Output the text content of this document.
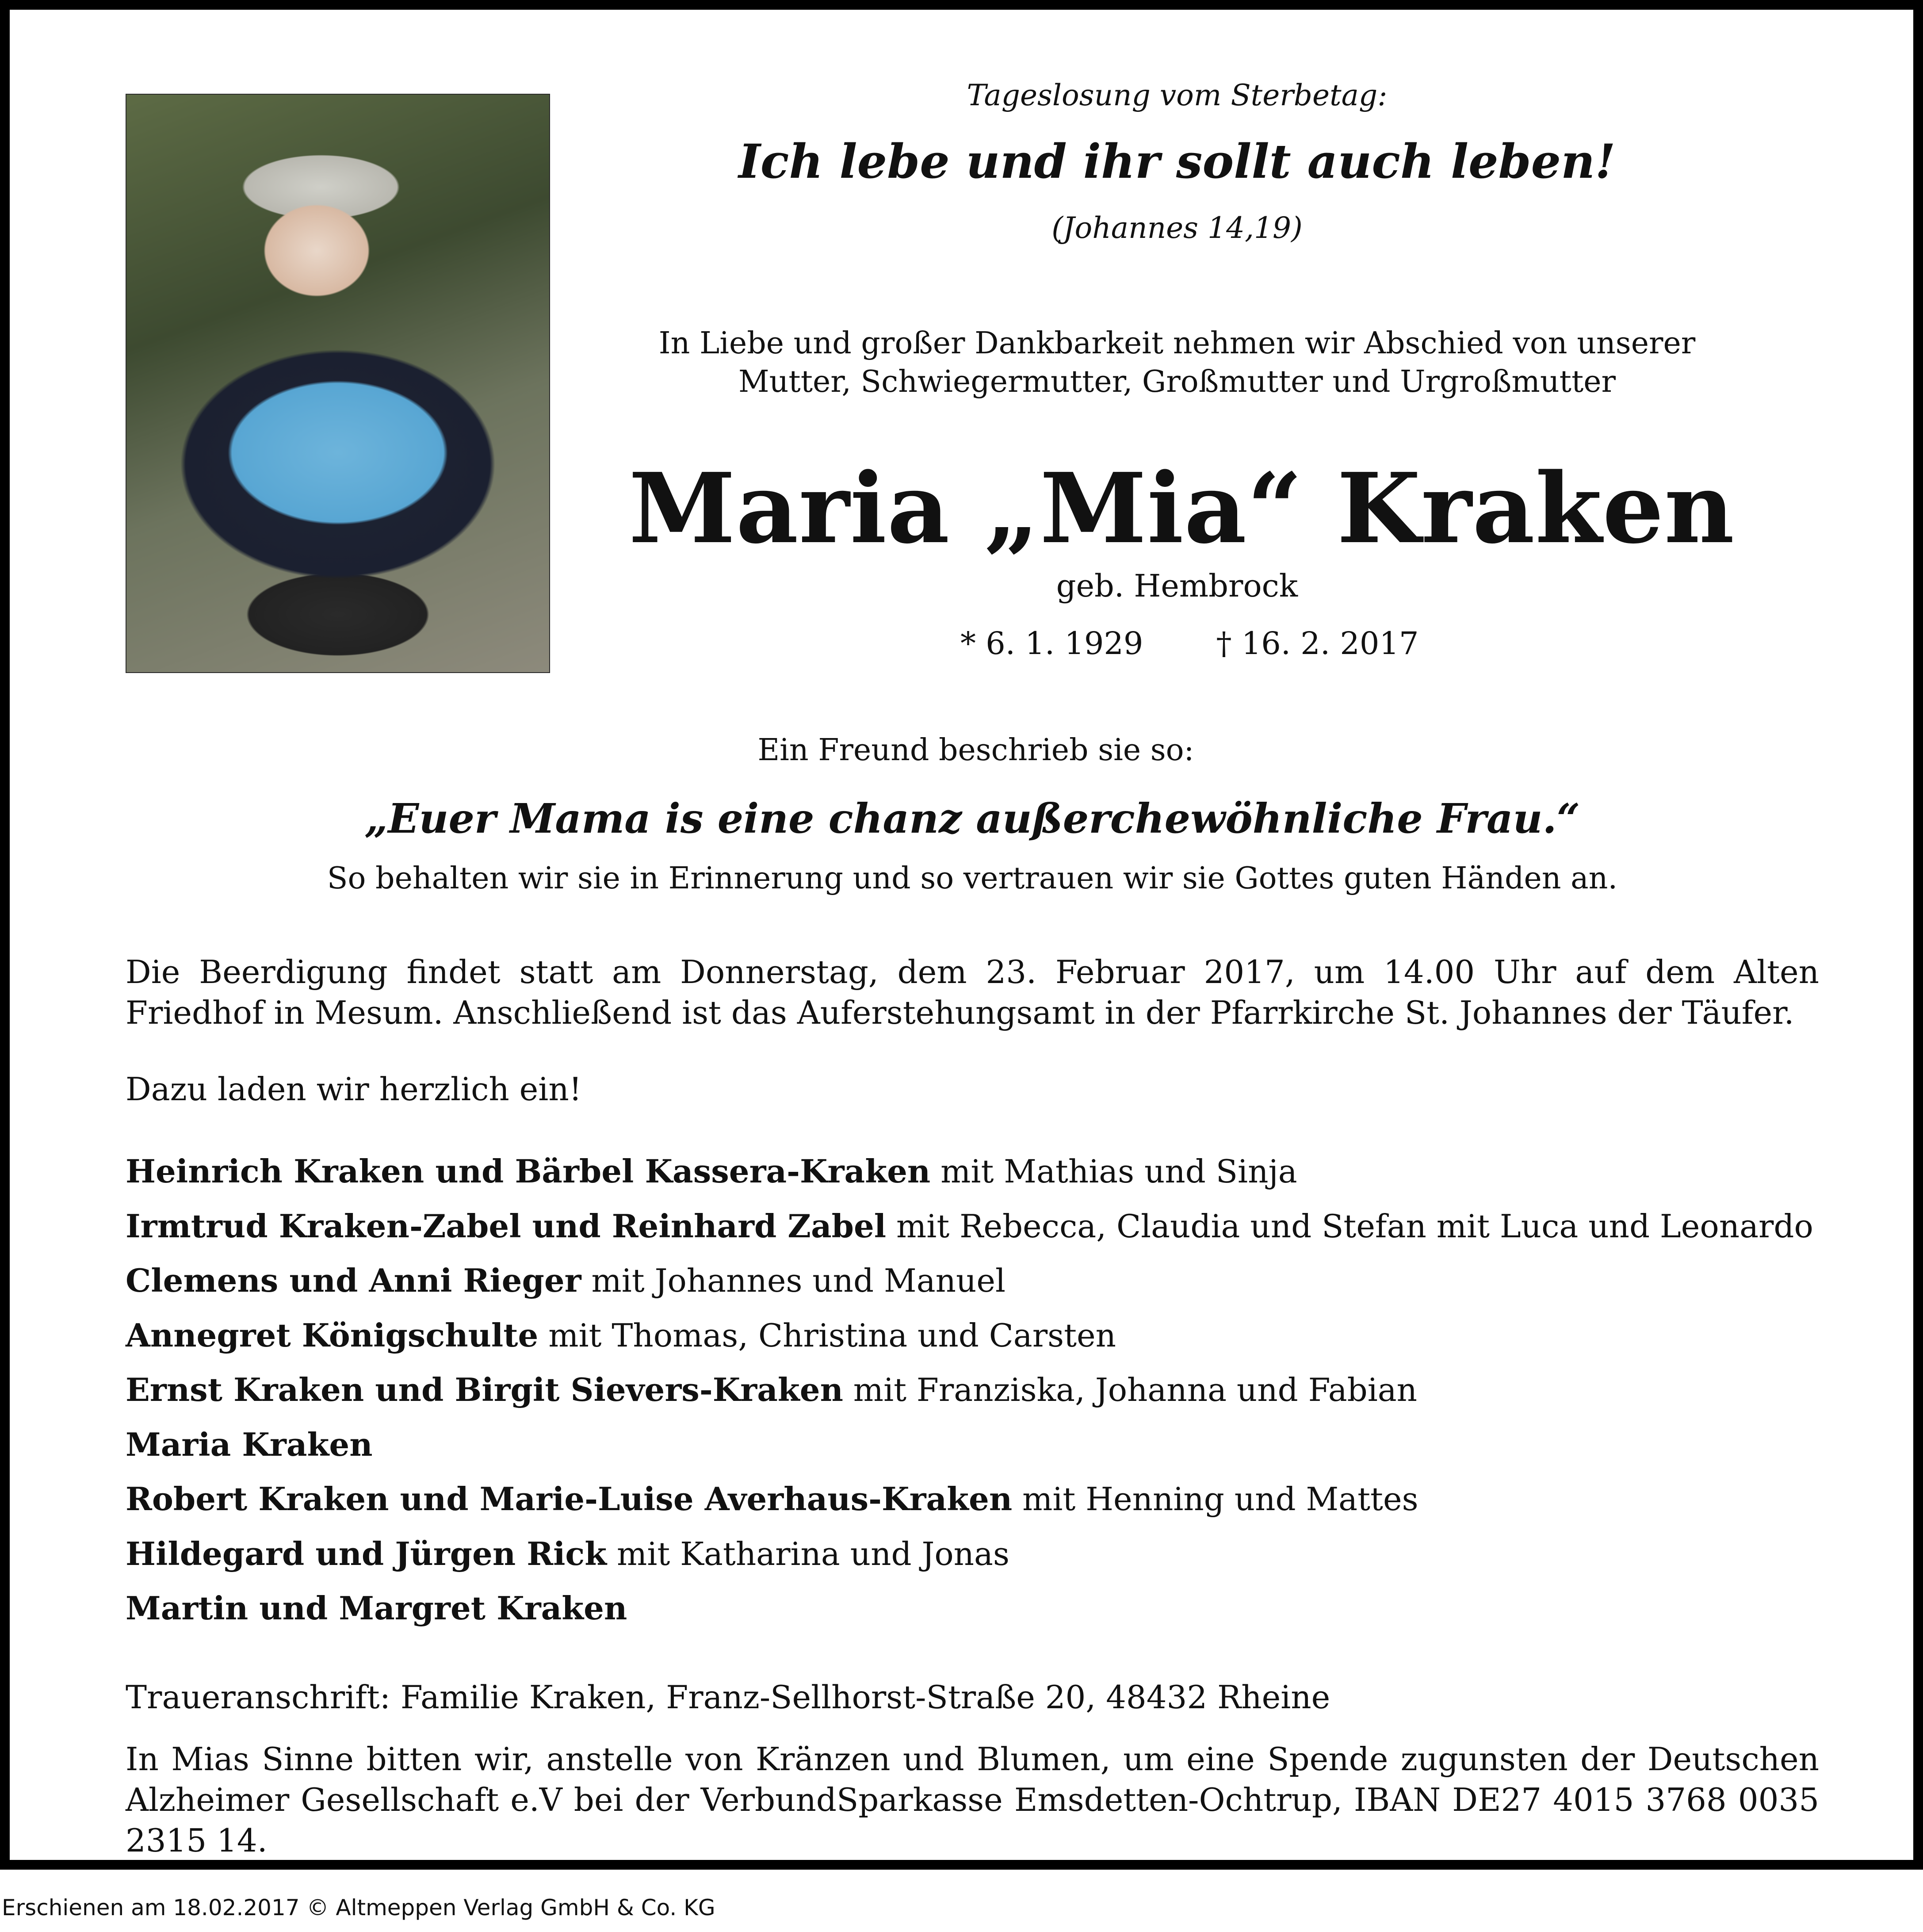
Tageslosung vom Sterbetag:
Ich lebe und ihr sollt auch leben!
(Johannes 14,19)
In Liebe und großer Dankbarkeit nehmen wir Abschied von unserer
Mutter, Schwiegermutter, Großmutter und Urgroßmutter
Maria „Mia“ Kraken
geb. Hembrock
* 6. 1. 1929 † 16. 2. 2017
Ein Freund beschrieb sie so:
„Euer Mama is eine chanz außerchewöhnliche Frau.“
So behalten wir sie in Erinnerung und so vertrauen wir sie Gottes guten Händen an.
Die Beerdigung findet statt am Donnerstag, dem 23. Februar 2017, um 14.00 Uhr auf dem Alten Friedhof in Mesum. Anschließend ist das Auferstehungsamt in der Pfarrkirche St. Johannes der Täufer.
Dazu laden wir herzlich ein!
Heinrich Kraken und Bärbel Kassera-Kraken mit Mathias und Sinja
Irmtrud Kraken-Zabel und Reinhard Zabel mit Rebecca, Claudia und Stefan mit Luca und Leonardo
Clemens und Anni Rieger mit Johannes und Manuel
Annegret Königschulte mit Thomas, Christina und Carsten
Ernst Kraken und Birgit Sievers-Kraken mit Franziska, Johanna und Fabian
Maria Kraken
Robert Kraken und Marie-Luise Averhaus-Kraken mit Henning und Mattes
Hildegard und Jürgen Rick mit Katharina und Jonas
Martin und Margret Kraken
Traueranschrift: Familie Kraken, Franz-Sellhorst-Straße 20, 48432 Rheine
In Mias Sinne bitten wir, anstelle von Kränzen und Blumen, um eine Spende zugunsten der Deutschen Alzheimer Gesellschaft e.V bei der VerbundSparkasse Emsdetten-Ochtrup, IBAN DE27 4015 3768 0035 2315 14.
Erschienen am 18.02.2017 © Altmeppen Verlag GmbH & Co. KG
